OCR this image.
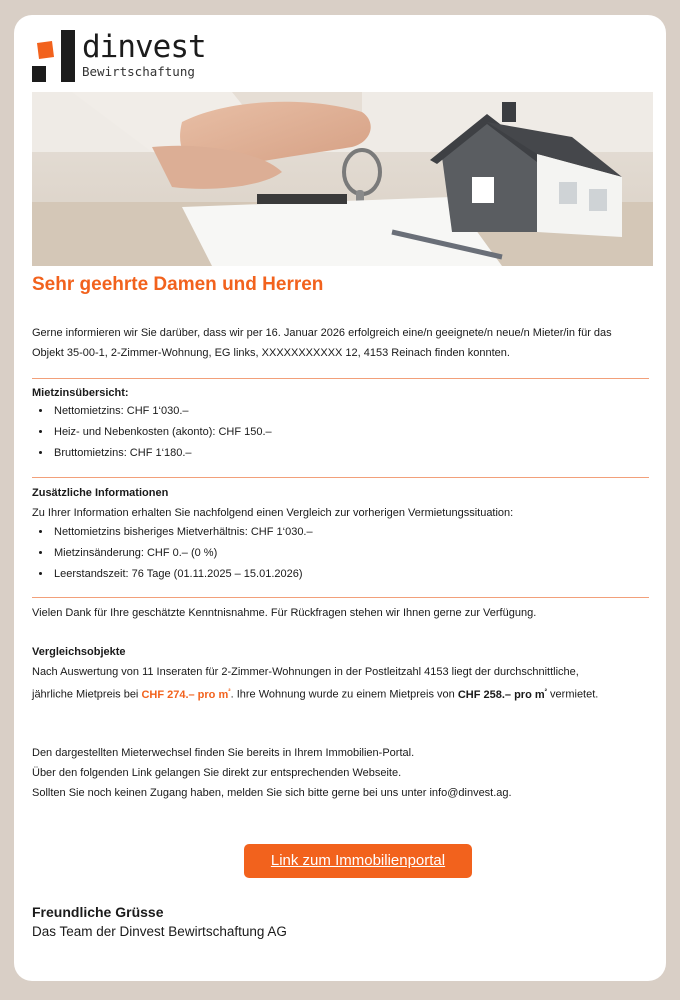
dinvest
Bewirtschaftung
Sehr geehrte Damen und Herren

Gerne informieren wir Sie darüber, dass wir per 16. Januar 2026 erfolgreich eine/n geeignete/n neue/n Mieter/in für das

Objekt 35-00-1, 2-Zimmer-Wohnung, EG links, XXXXXXXXXXX 12, 4153 Reinach finden konnten.

Mietzinsübersicht:

• Nettomietzins: CHF 1‘030.–
• Heiz- und Nebenkosten (akonto): CHF 150.–
• Bruttomietzins: CHF 1‘180.–

Zusätzliche Informationen

Zu Ihrer Information erhalten Sie nachfolgend einen Vergleich zur vorherigen Vermietungssituation:

• Nettomietzins bisheriges Mietverhältnis: CHF 1‘030.–
• Mietzinsänderung: CHF 0.– (0 %)
• Leerstandszeit: 76 Tage (01.11.2025 – 15.01.2026)

Vielen Dank für Ihre geschätzte Kenntnisnahme. Für Rückfragen stehen wir Ihnen gerne zur Verfügung.

Vergleichsobjekte

Nach Auswertung von 11 Inseraten für 2-Zimmer-Wohnungen in der Postleitzahl 4153 liegt der durchschnittliche,

jährliche Mietpreis bei CHF 274.– pro $m^{^2}$. Ihre Wohnung wurde zu einem Mietpreis von CHF 258.– pro $m^{^2}$ vermietet.

Den dargestellten Mieterwechsel finden Sie bereits in Ihrem Immobilien-Portal.

Über den folgenden Link gelangen Sie direkt zur entsprechenden Webseite.

Sollten Sie noch keinen Zugang haben, melden Sie sich bitte gerne bei uns unter info@dinvest.ag.

Link zum Immobilienportal

Freundliche Grüsse

Das Team der Dinvest Bewirtschaftung AG
